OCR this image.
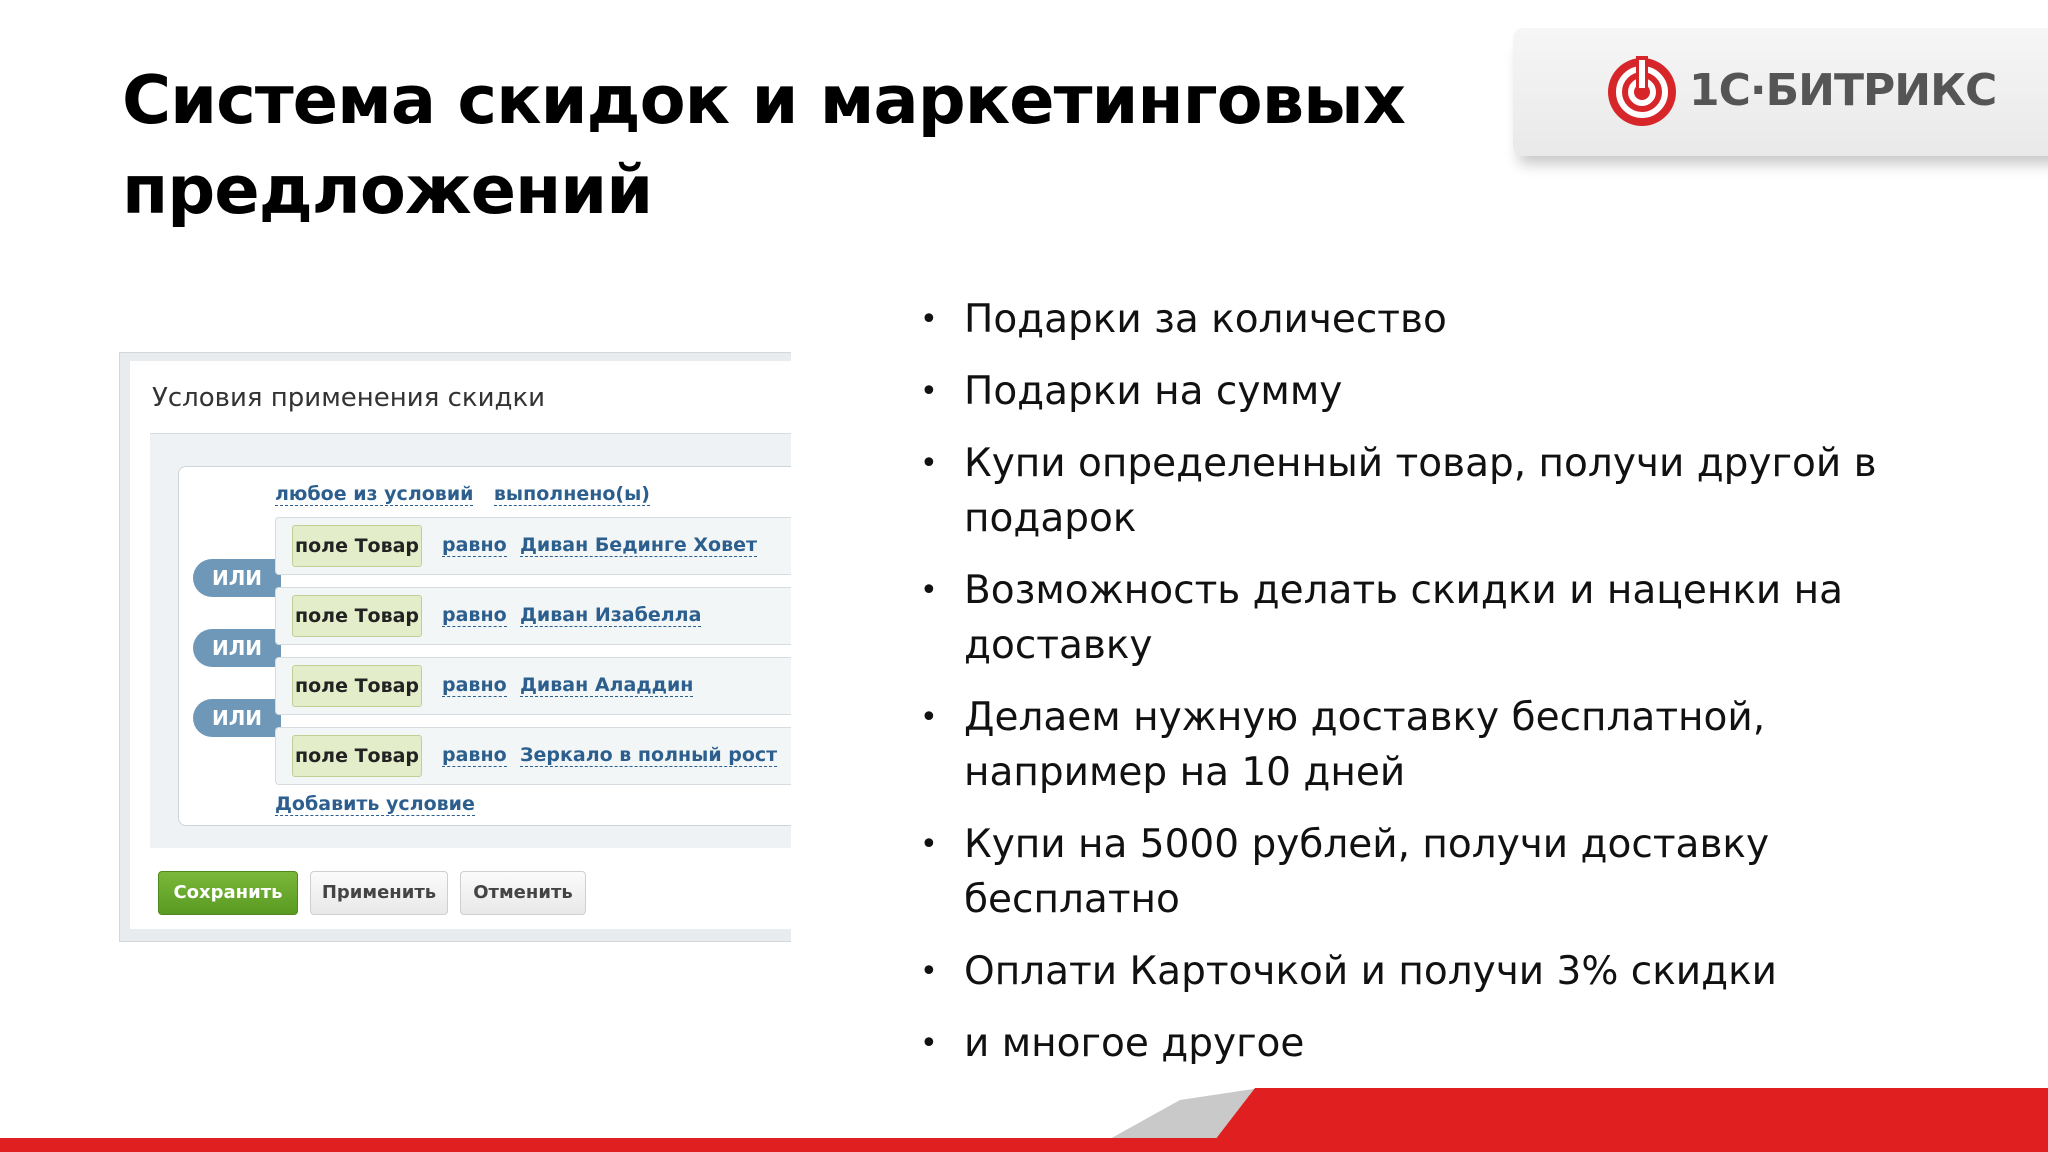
Система скидок и маркетинговых
предложений
1С·БИТРИКС
• Подарки за количество
• Подарки на сумму
• Купи определенный товар, получи другой в подарок
• Возможность делать скидки и наценки на доставку
• Делаем нужную доставку бесплатной, например на 10 дней
• Купи на 5000 рублей, получи доставку бесплатно
• Оплати Карточкой и получи 3% скидки
• и многое другое
Условия применения скидки
любое из условий выполнено(ы)
ИЛИ
ИЛИ
ИЛИ
поле Товар равно Диван Бединге Ховет
поле Товар равно Диван Изабелла
поле Товар равно Диван Аладдин
поле Товар равно Зеркало в полный рост
Добавить условие
Сохранить	Применить	Отменить
